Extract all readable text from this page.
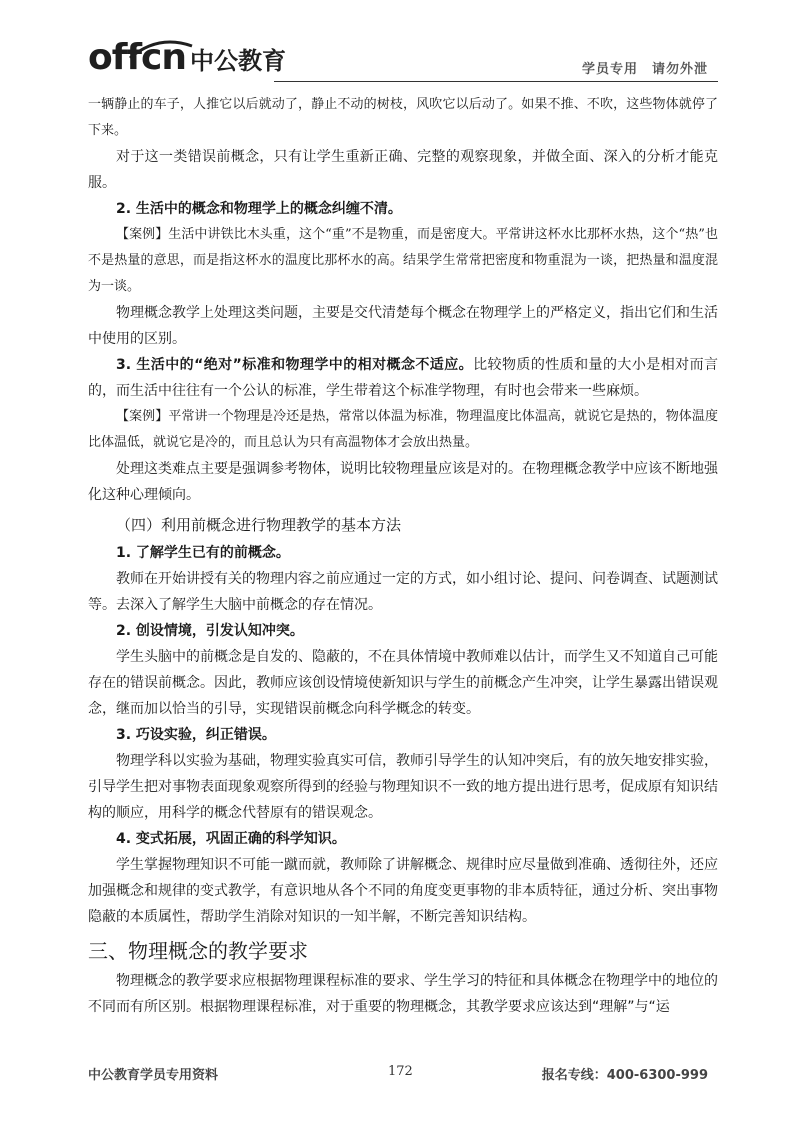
offcn 中公教育	学员专用 请勿外泄

一辆静止的车子，人推它以后就动了，静止不动的树枝，风吹它以后动了。如果不推、不吹，这些物体就停了下来。

对于这一类错误前概念，只有让学生重新正确、完整的观察现象，并做全面、深入的分析才能克服。

2. 生活中的概念和物理学上的概念纠缠不清。

【案例】生活中讲铁比木头重，这个“重”不是物重，而是密度大。平常讲这杯水比那杯水热，这个“热”也不是热量的意思，而是指这杯水的温度比那杯水的高。结果学生常常把密度和物重混为一谈，把热量和温度混为一谈。

物理概念教学上处理这类问题，主要是交代清楚每个概念在物理学上的严格定义，指出它们和生活中使用的区别。

3. 生活中的“绝对”标准和物理学中的相对概念不适应。比较物质的性质和量的大小是相对而言的，而生活中往往有一个公认的标准，学生带着这个标准学物理，有时也会带来一些麻烦。

【案例】平常讲一个物理是冷还是热，常常以体温为标准，物理温度比体温高，就说它是热的，物体温度比体温低，就说它是冷的，而且总认为只有高温物体才会放出热量。

处理这类难点主要是强调参考物体，说明比较物理量应该是对的。在物理概念教学中应该不断地强化这种心理倾向。

（四）利用前概念进行物理教学的基本方法

1. 了解学生已有的前概念。

教师在开始讲授有关的物理内容之前应通过一定的方式，如小组讨论、提问、问卷调查、试题测试等。去深入了解学生大脑中前概念的存在情况。

2. 创设情境，引发认知冲突。

学生头脑中的前概念是自发的、隐蔽的，不在具体情境中教师难以估计，而学生又不知道自己可能存在的错误前概念。因此，教师应该创设情境使新知识与学生的前概念产生冲突，让学生暴露出错误观念，继而加以恰当的引导，实现错误前概念向科学概念的转变。

3. 巧设实验，纠正错误。

物理学科以实验为基础，物理实验真实可信，教师引导学生的认知冲突后，有的放矢地安排实验，引导学生把对事物表面现象观察所得到的经验与物理知识不一致的地方提出进行思考，促成原有知识结构的顺应，用科学的概念代替原有的错误观念。

4. 变式拓展，巩固正确的科学知识。

学生掌握物理知识不可能一蹴而就，教师除了讲解概念、规律时应尽量做到准确、透彻往外，还应加强概念和规律的变式教学，有意识地从各个不同的角度变更事物的非本质特征，通过分析、突出事物隐蔽的本质属性，帮助学生消除对知识的一知半解，不断完善知识结构。

三、物理概念的教学要求

物理概念的教学要求应根据物理课程标准的要求、学生学习的特征和具体概念在物理学中的地位的不同而有所区别。根据物理课程标准，对于重要的物理概念，其教学要求应该达到“理解”与“运

中公教育学员专用资料	172	报名专线：400-6300-999
